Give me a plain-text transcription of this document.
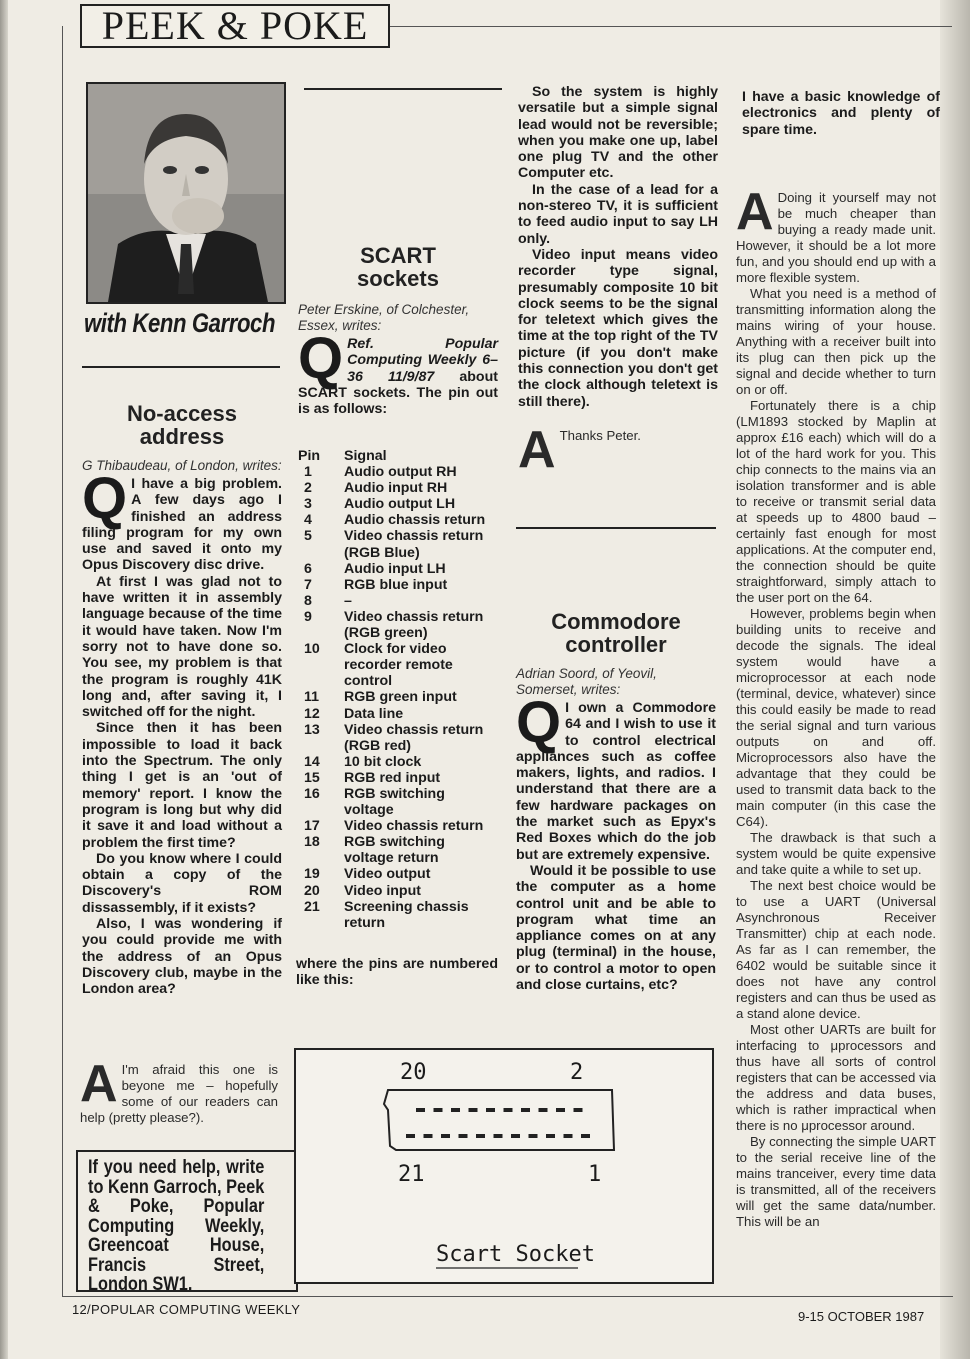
PEEK & POKE
with Kenn Garroch
No-access address

G Thibaudeau, of London, writes:

Q I have a big problem. A few days ago I finished an address filing program for my own use and saved it onto my Opus Discovery disc drive.

At first I was glad not to have written it in assembly language because of the time it would have taken. Now I'm sorry not to have done so. You see, my problem is that the program is roughly 41K long and, after saving it, I switched off for the night.

Since then it has been impossible to load it back into the Spectrum. The only thing I get is an 'out of memory' report. I know the program is long but why did it save it and load without a problem the first time?

Do you know where I could obtain a copy of the Discovery's ROM dissassembly, if it exists?

Also, I was wondering if you could provide me with the address of an Opus Discovery club, maybe in the London area?

A I'm afraid this one is beyone me – hopefully some of our readers can help (pretty please?).

If you need help, write to Kenn Garroch, Peek & Poke, Popular Computing Weekly, Greencoat House, Francis Street, London SW1.
SCART sockets

Peter Erskine, of Colchester, Essex, writes:

Q Ref. Popular Computing Weekly 6–36 11/9/87 about SCART sockets. The pin out is as follows:

Pin	Signal
1	Audio output RH
2	Audio input RH
3	Audio output LH
4	Audio chassis return
5	Video chassis return (RGB Blue)
6	Audio input LH
7	RGB blue input
8	–
9	Video chassis return (RGB green)
10	Clock for video recorder remote control
11	RGB green input
12	Data line
13	Video chassis return (RGB red)
14	10 bit clock
15	RGB red input
16	RGB switching voltage
17	Video chassis return
18	RGB switching voltage return
19	Video output
20	Video input
21	Screening chassis return
where the pins are numbered like this:
20	2
21	1
Scart Socket

So the system is highly versatile but a simple signal lead would not be reversible; when you make one up, label one plug TV and the other Computer etc.

In the case of a lead for a non-stereo TV, it is sufficient to feed audio input to say LH only.

Video input means video recorder type signal, presumably composite 10 bit clock seems to be the signal for teletext which gives the time at the top right of the TV picture (if you don't make this connection you don't get the clock although teletext is still there).

A Thanks Peter.

Commodore controller

Adrian Soord, of Yeovil, Somerset, writes:

Q I own a Commodore 64 and I wish to use it to control electrical appliances such as coffee makers, lights, and radios. I understand that there are a few hardware packages on the market such as Epyx's Red Boxes which do the job but are extremely expensive.

Would it be possible to use the computer as a home control unit and be able to program what time an appliance comes on at any plug (terminal) in the house, or to control a motor to open and close curtains, etc?

I have a basic knowledge of electronics and plenty of spare time.
A Doing it yourself may not be much cheaper than buying a ready made unit. However, it should be a lot more fun, and you should end up with a more flexible system.

What you need is a method of transmitting information along the mains wiring of your house. Anything with a receiver built into its plug can then pick up the signal and decide whether to turn on or off.

Fortunately there is a chip (LM1893 stocked by Maplin at approx £16 each) which will do a lot of the hard work for you. This chip connects to the mains via an isolation transformer and is able to receive or transmit serial data at speeds up to 4800 baud – certainly fast enough for most applications. At the computer end, the connection should be quite straightforward, simply attach to the user port on the 64.

However, problems begin when building units to receive and decode the signals. The ideal system would have a microprocessor at each node (terminal, device, whatever) since this could easily be made to read the serial signal and turn various outputs on and off. Microprocessors also have the advantage that they could be used to transmit data back to the main computer (in this case the C64).

The drawback is that such a system would be quite expensive and take quite a while to set up.

The next best choice would be to use a UART (Universal Asynchronous Receiver Transmitter) chip at each node. As far as I can remember, the 6402 would be suitable since it does not have any control registers and can thus be used as a stand alone device.

Most other UARTs are built for interfacing to μprocessors and thus have all sorts of control registers that can be accessed via the address and data buses, which is rather impractical when there is no μprocessor around.

By connecting the simple UART to the serial receive line of the mains tranceiver, every time data is transmitted, all of the receivers will get the same data/number. This will be an

12/POPULAR COMPUTING WEEKLY	9-15 OCTOBER 1987
